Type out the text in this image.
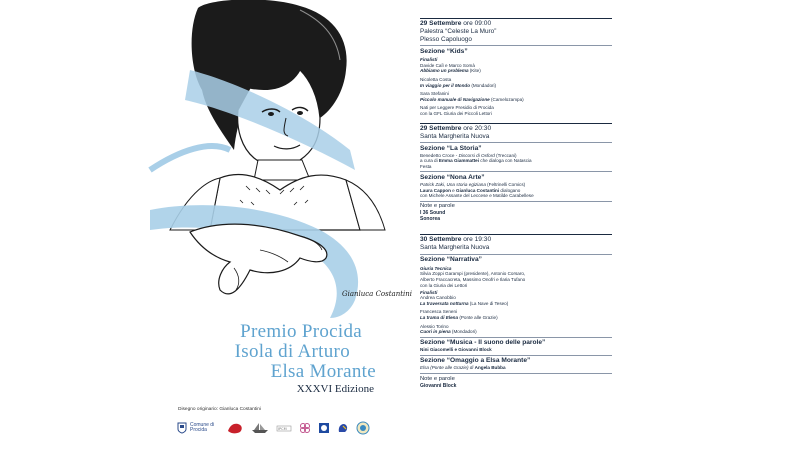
Gianluca Costantini
Premio Procida
Isola di Arturo
Elsa Morante
XXXVI Edizione
Disegno originario: Gianluca Costantini
Comune di Procida	IPCM
29 Settembre ore 09:00
Palestra “Celeste La Muro”
Plesso Capoluogo
Sezione “Kids”
Finalisti
Davide Calì e Marco Somà
Abbiamo un problema (Kite)
Nicoletta Costa
In viaggio per il Mondo (Mondadori)
Sara Stefanini
Piccolo manuale di Navigazione (Camelozampa)
Nati per Leggere Presidio di Procida
con la GFL Giuria dei Piccoli Lettori
29 Settembre ore 20:30
Santa Margherita Nuova
Sezione “La Storia”
Benedetto Croce - Discorsi di Oxford (Treccani)
a cura di Emma Giammattei che dialoga con Natascia
Festa
Sezione “Nona Arte”
Patrick Zaki, Una storia egiziana (Feltrinelli Comics)
Laura Cappon e Gianluca Costantini dialogano
con Michele Assante del Leccese e Matilde Carabellese
Note e parole
I 36 Sound
Sonorea
30 Settembre ore 19:30
Santa Margherita Nuova
Sezione “Narrativa”
Giuria Tecnica
Silvia Zoppi Garampi (presidente), Antonio Corsaro,
Alberto Fraccacreta, Massimo Onofri e Ilaria Tufano
con la Giuria dei Lettori
Finalisti
Andrea Canobbio
La traversata notturna (La Nave di Teseo)
Francesca Seneni
La trama di Elena (Ponte alle Grazie)
Alessio Torino
Cuori in piena (Mondadori)
Sezione “Musica - Il suono delle parole”
Nini Giacomelli e Giovanni Block
Sezione “Omaggio a Elsa Morante”
Elsa (Ponte alle Grazie) di Angela Bubba
Note e parole
Giovanni Block
